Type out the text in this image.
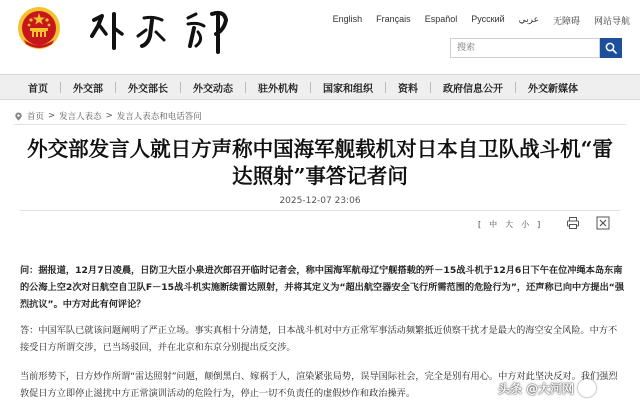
English Français Español Русский عربي 无障碍 网站导航
搜索
首页	外交部	外交部长	外交动态	驻外机构	国家和组织	资料	政府信息公开	外交新媒体
首页 > 发言人表态 > 发言人表态和电话答问
外交部发言人就日方声称中国海军舰载机对日本自卫队战斗机“雷达照射”事答记者问
2025-12-07 23:06
[ 中 大 小 ]

问：据报道，12月7日凌晨，日防卫大臣小泉进次郎召开临时记者会，称中国海军航母辽宁舰搭载的歼－15战斗机于12月6日下午在位冲绳本岛东南的公海上空2次对日航空自卫队F－15战斗机实施断续雷达照射，并将其定义为“超出航空器安全飞行所需范围的危险行为”，还声称已向中方提出“强烈抗议”。中方对此有何评论？

答：中国军队已就该问题阐明了严正立场。事实真相十分清楚，日本战斗机对中方正常军事活动频繁抵近侦察干扰才是最大的海空安全风险。中方不接受日方所谓交涉，已当场驳回，并在北京和东京分别提出反交涉。

当前形势下，日方炒作所谓“雷达照射”问题，颠倒黑白、嫁祸于人，渲染紧张局势，误导国际社会，完全是别有用心。中方对此坚决反对。我们强烈敦促日方立即停止滋扰中方正常演训活动的危险行为，停止一切不负责任的虚假炒作和政治操弄。	头条 @大河网
